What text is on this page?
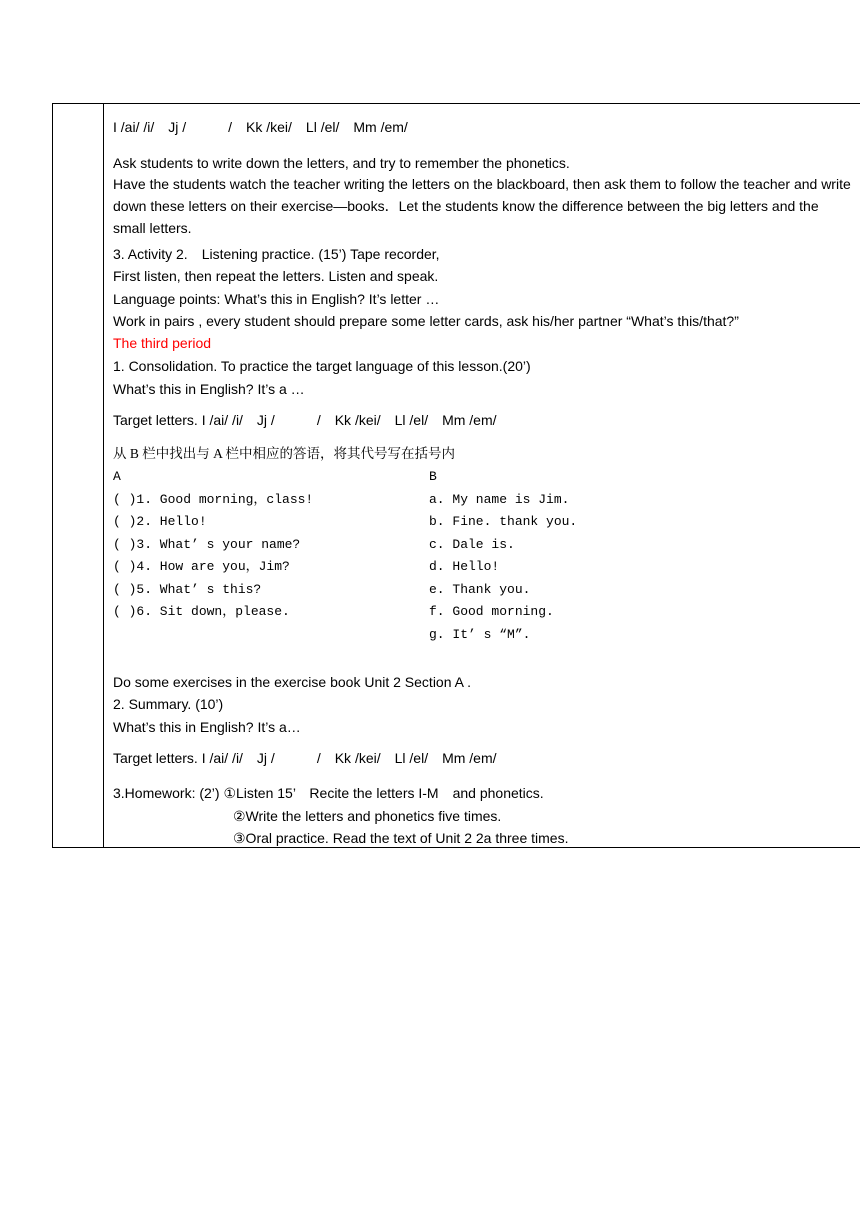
I /ai/ /i/　Jj /　　　/　Kk /kei/　Ll /el/　Mm /em/
Ask students to write down the letters, and try to remember the phonetics.
Have the students watch the teacher writing the letters on the blackboard, then ask them to follow the teacher and write down these letters on their exercise—books．Let the students know the difference between the big letters and the small letters.
3. Activity 2.　Listening practice. (15’) Tape recorder,
First listen, then repeat the letters. Listen and speak.
Language points: What’s this in English? It’s letter …
Work in pairs , every student should prepare some letter cards, ask his/her partner “What’s this/that?”
The third period
1. Consolidation. To practice the target language of this lesson.(20’)
What’s this in English? It’s a …
Target letters. I /ai/ /i/　Jj /　　　/　Kk /kei/　Ll /el/　Mm /em/
从 B 栏中找出与 A 栏中相应的答语，将其代号写在括号内
A	B
( )1. Good morning，class!
( )2. Hello!
( )3. What’ s your name?
( )4. How are you，Jim?
( )5. What’ s this?
( )6. Sit down，please.
a. My name is Jim.
b. Fine. thank you.
c. Dale is.
d. Hello!
e. Thank you.
f. Good morning.
g. It’ s “M”.
Do some exercises in the exercise book Unit 2 Section A .
2. Summary. (10’)
What’s this in English? It’s a…
Target letters. I /ai/ /i/　Jj /　　　/　Kk /kei/　Ll /el/　Mm /em/
3.Homework: (2’) ①Listen 15’　Recite the letters I-M　and phonetics.
②Write the letters and phonetics five times.
③Oral practice. Read the text of Unit 2 2a three times.
